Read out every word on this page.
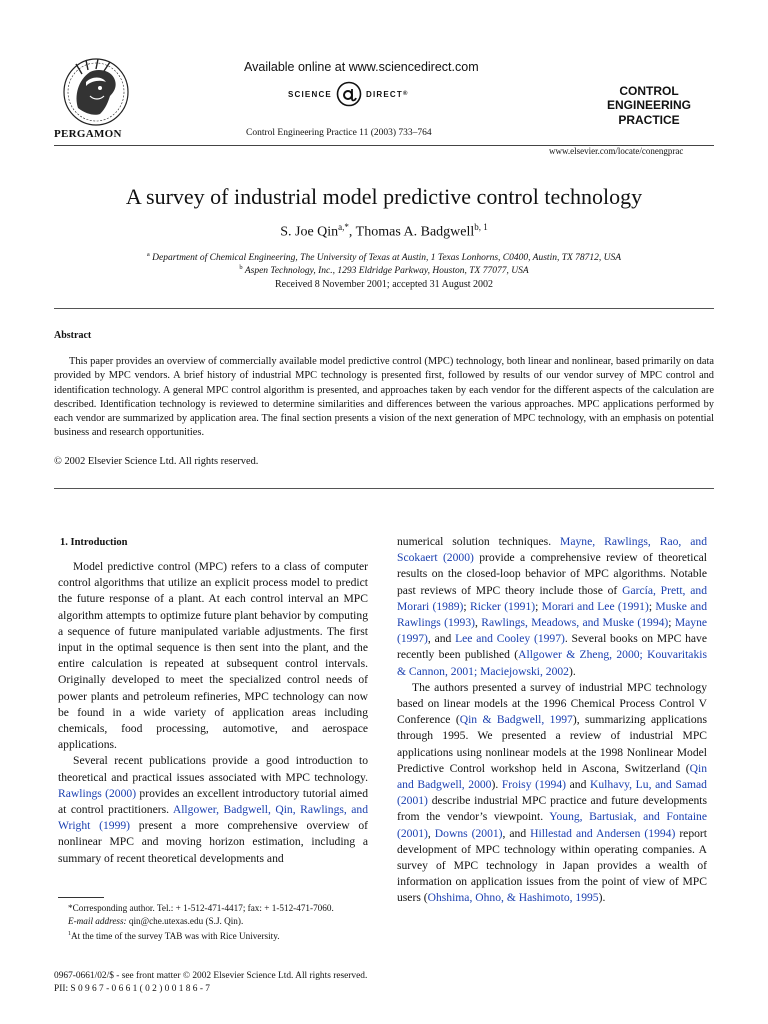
PERGAMON
Available online at www.sciencedirect.com
SCIENCE	DIRECT ®
Control Engineering Practice 11 (2003) 733–764
CONTROL ENGINEERING
PRACTICE
www.elsevier.com/locate/conengprac
A survey of industrial model predictive control technology
S. Joe Qin$^{a,*}$, Thomas A. Badgwell$^{b, 1}$
$^a$ Department of Chemical Engineering, The University of Texas at Austin, 1 Texas Lonhorns, C0400, Austin, TX 78712, USA
$^b$ Aspen Technology, Inc., 1293 Eldridge Parkway, Houston, TX 77077, USA
Received 8 November 2001; accepted 31 August 2002
Abstract
This paper provides an overview of commercially available model predictive control (MPC) technology, both linear and nonlinear, based primarily on data provided by MPC vendors. A brief history of industrial MPC technology is presented first, followed by results of our vendor survey of MPC control and identification technology. A general MPC control algorithm is presented, and approaches taken by each vendor for the different aspects of the calculation are described. Identification technology is reviewed to determine similarities and differences between the various approaches. MPC applications performed by each vendor are summarized by application area. The final section presents a vision of the next generation of MPC technology, with an emphasis on potential business and research opportunities.
© 2002 Elsevier Science Ltd. All rights reserved.
1. Introduction

Model predictive control (MPC) refers to a class of computer control algorithms that utilize an explicit process model to predict the future response of a plant. At each control interval an MPC algorithm attempts to optimize future plant behavior by computing a sequence of future manipulated variable adjustments. The first input in the optimal sequence is then sent into the plant, and the entire calculation is repeated at subsequent control intervals. Originally developed to meet the specialized control needs of power plants and petroleum refineries, MPC technology can now be found in a wide variety of application areas including chemicals, food processing, automotive, and aerospace applications.

Several recent publications provide a good introduction to theoretical and practical issues associated with MPC technology. Rawlings (2000) provides an excellent introductory tutorial aimed at control practitioners. Allgower, Badgwell, Qin, Rawlings, and Wright (1999) present a more comprehensive overview of nonlinear MPC and moving horizon estimation, including a summary of recent theoretical developments and

*Corresponding author. Tel.: + 1-512-471-4417; fax: + 1-512-471-7060.
E-mail address: qin@che.utexas.edu (S.J. Qin).
$^1$At the time of the survey TAB was with Rice University.

numerical solution techniques. Mayne, Rawlings, Rao, and Scokaert (2000) provide a comprehensive review of theoretical results on the closed-loop behavior of MPC algorithms. Notable past reviews of MPC theory include those of García, Prett, and Morari (1989); Ricker (1991); Morari and Lee (1991); Muske and Rawlings (1993), Rawlings, Meadows, and Muske (1994); Mayne (1997), and Lee and Cooley (1997). Several books on MPC have recently been published (Allgower & Zheng, 2000; Kouvaritakis & Cannon, 2001; Maciejowski, 2002).

The authors presented a survey of industrial MPC technology based on linear models at the 1996 Chemical Process Control V Conference (Qin & Badgwell, 1997), summarizing applications through 1995. We presented a review of industrial MPC applications using nonlinear models at the 1998 Nonlinear Model Predictive Control workshop held in Ascona, Switzerland (Qin and Badgwell, 2000). Froisy (1994) and Kulhavy, Lu, and Samad (2001) describe industrial MPC practice and future developments from the vendor’s viewpoint. Young, Bartusiak, and Fontaine (2001), Downs (2001), and Hillestad and Andersen (1994) report development of MPC technology within operating companies. A survey of MPC technology in Japan provides a wealth of information on application issues from the point of view of MPC users (Ohshima, Ohno, & Hashimoto, 1995).

0967-0661/02/$ - see front matter © 2002 Elsevier Science Ltd. All rights reserved.
PII: S 0 9 6 7 - 0 6 6 1 ( 0 2 ) 0 0 1 8 6 - 7
